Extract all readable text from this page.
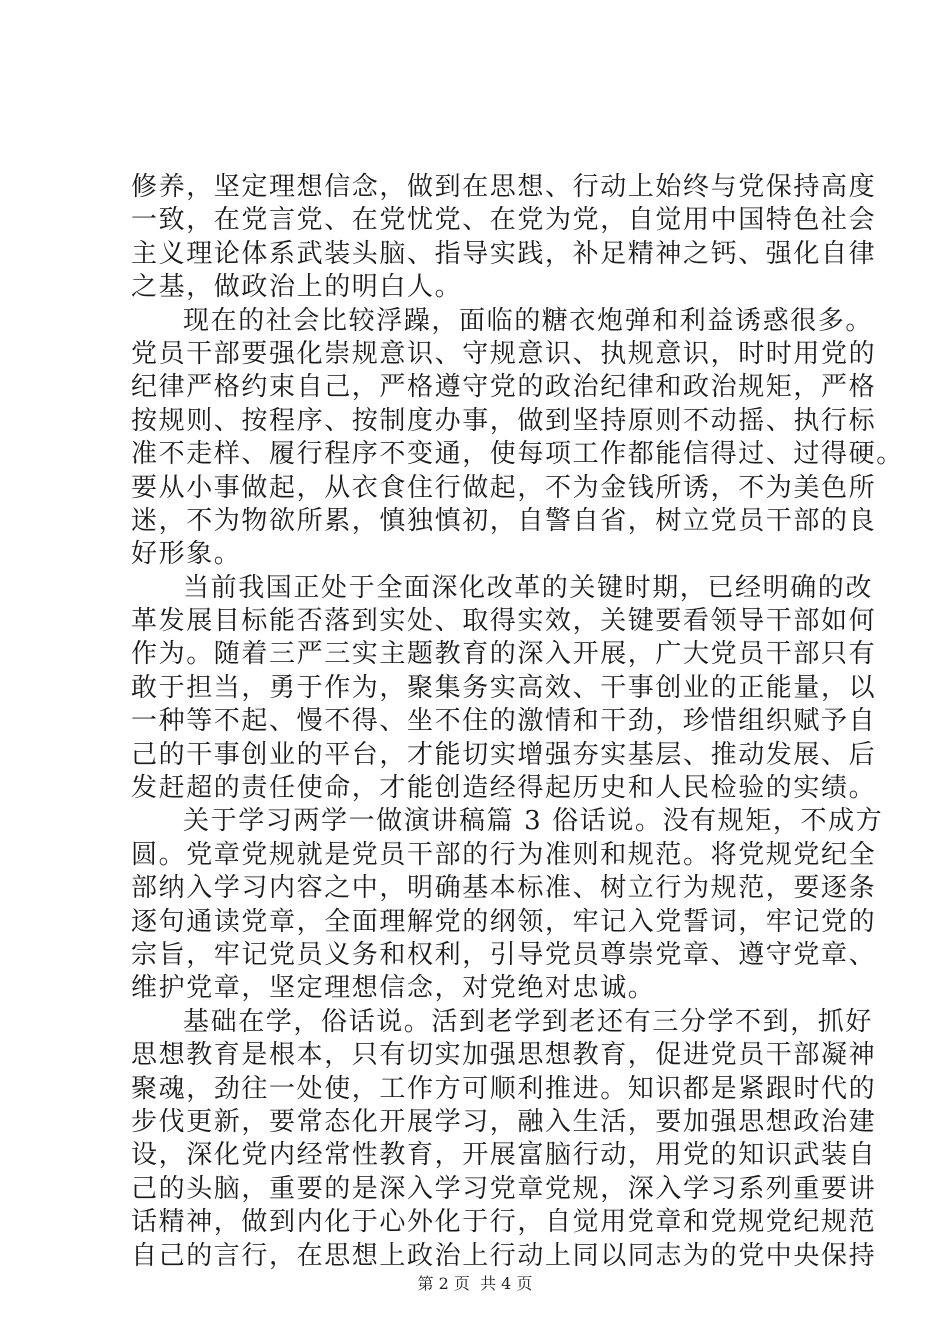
修养，坚定理想信念，做到在思想、行动上始终与党保持高度
一致，在党言党、在党忧党、在党为党，自觉用中国特色社会
主义理论体系武装头脑、指导实践，补足精神之钙、强化自律
之基，做政治上的明白人。
现在的社会比较浮躁，面临的糖衣炮弹和利益诱惑很多。
党员干部要强化崇规意识、守规意识、执规意识，时时用党的
纪律严格约束自己，严格遵守党的政治纪律和政治规矩，严格
按规则、按程序、按制度办事，做到坚持原则不动摇、执行标
准不走样、履行程序不变通，使每项工作都能信得过、过得硬。
要从小事做起，从衣食住行做起，不为金钱所诱，不为美色所
迷，不为物欲所累，慎独慎初，自警自省，树立党员干部的良
好形象。
当前我国正处于全面深化改革的关键时期，已经明确的改
革发展目标能否落到实处、取得实效，关键要看领导干部如何
作为。随着三严三实主题教育的深入开展，广大党员干部只有
敢于担当，勇于作为，聚集务实高效、干事创业的正能量，以
一种等不起、慢不得、坐不住的激情和干劲，珍惜组织赋予自
己的干事创业的平台，才能切实增强夯实基层、推动发展、后
发赶超的责任使命，才能创造经得起历史和人民检验的实绩。
关于学习两学一做演讲稿篇 3 俗话说。没有规矩，不成方
圆。党章党规就是党员干部的行为准则和规范。将党规党纪全
部纳入学习内容之中，明确基本标准、树立行为规范，要逐条
逐句通读党章，全面理解党的纲领，牢记入党誓词，牢记党的
宗旨，牢记党员义务和权利，引导党员尊崇党章、遵守党章、
维护党章，坚定理想信念，对党绝对忠诚。
基础在学，俗话说。活到老学到老还有三分学不到，抓好
思想教育是根本，只有切实加强思想教育，促进党员干部凝神
聚魂，劲往一处使，工作方可顺利推进。知识都是紧跟时代的
步伐更新，要常态化开展学习，融入生活，要加强思想政治建
设，深化党内经常性教育，开展富脑行动，用党的知识武装自
己的头脑，重要的是深入学习党章党规，深入学习系列重要讲
话精神，做到内化于心外化于行，自觉用党章和党规党纪规范
自己的言行，在思想上政治上行动上同以同志为的党中央保持
第 2 页  共 4 页
